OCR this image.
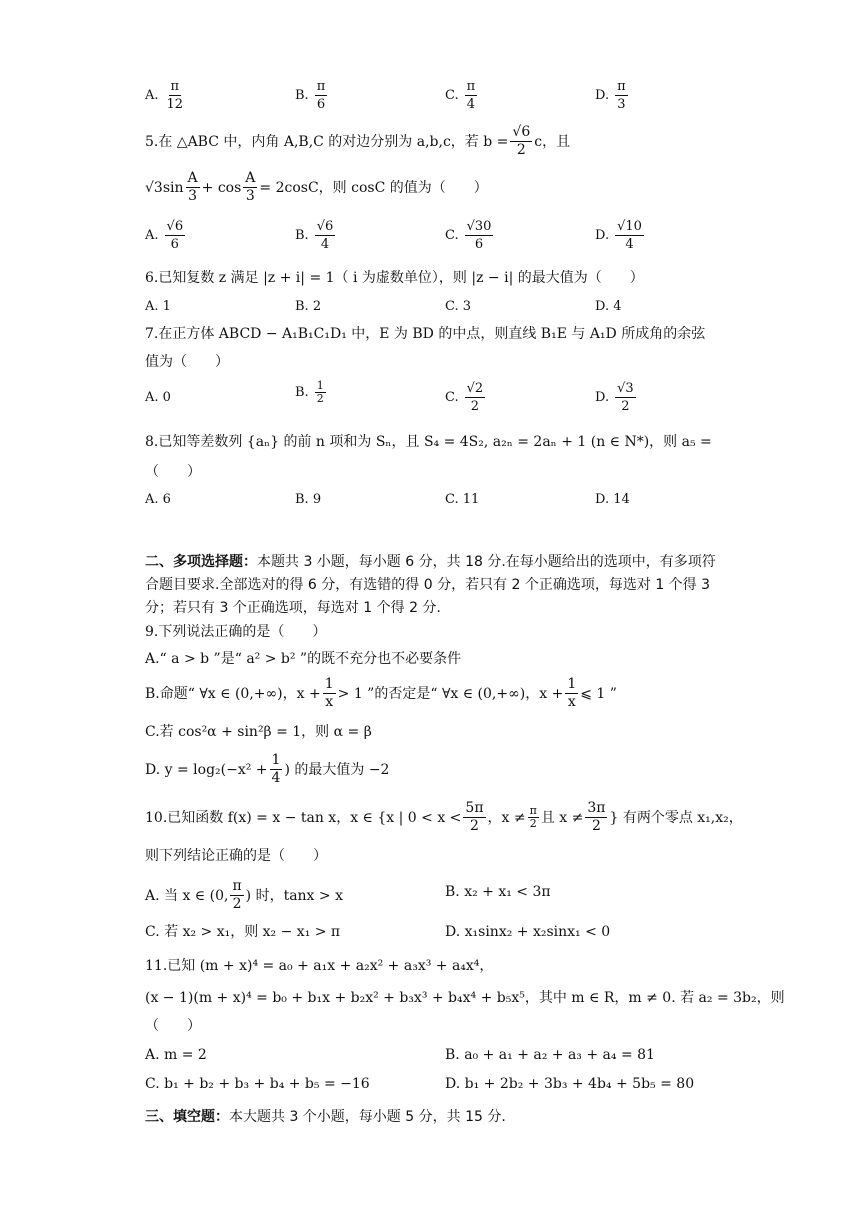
A. $\frac{\pi}{12}$	B. $\frac{\pi}{6}$	C. $\frac{\pi}{4}$	D. $\frac{\pi}{3}$
5.在 △ABC 中，内角 A,B,C 的对边分别为 a,b,c，若 $b = \frac{√6}{2}$ c，且
$√3\sin \frac{A}{3} + \cos \frac{A}{3} = 2\cos C$，则 cosC 的值为（　　）
A. $\frac{√6}{6}$	B. $\frac{√6}{4}$	C. $\frac{√30}{6}$	D. $\frac{√10}{4}$
6.已知复数 z 满足 |z + i| = 1（ i 为虚数单位），则 |z − i| 的最大值为（　　）
A. 1	B. 2	C. 3	D. 4
7.在正方体 ABCD − A₁B₁C₁D₁ 中，E 为 BD 的中点，则直线 B₁E 与 A₁D 所成角的余弦
值为（　　）
A. 0	B. $\frac{1}{2}$	C. $\frac{√2}{2}$	D. $\frac{√3}{2}$
8.已知等差数列 {aₙ} 的前 n 项和为 Sₙ，且 S₄ = 4S₂, a₂ₙ = 2aₙ + 1 (n ∈ N*)，则 a₅ =
（　　）
A. 6	B. 9	C. 11	D. 14
二、多项选择题：本题共 3 小题，每小题 6 分，共 18 分.在每小题给出的选项中，有多项符合题目要求.全部选对的得 6 分，有选错的得 0 分，若只有 2 个正确选项，每选对 1 个得 3 分；若只有 3 个正确选项，每选对 1 个得 2 分.
9.下列说法正确的是（　　）
A.“ a > b ”是“ a² > b² ”的既不充分也不必要条件
B.命题“ ∀x ∈ (0,+∞)，$x + \frac{1}{x} > 1$ ”的否定是“ ∀x ∈ (0,+∞)，$x + \frac{1}{x}$ ⩽ 1 ”
C.若 cos²α + sin²β = 1，则 α = β
D. $y = \log_2(-x^2 + \frac{1}{4}$ ) 的最大值为 −2
10.已知函数 f(x) = x − tan x，x ∈ {x | $0 < x < \frac{5\pi}{2}$ ，$x \ne \frac{\pi}{2}$ 且 $x \ne \frac{3\pi}{2}$ } 有两个零点 x₁,x₂，
则下列结论正确的是（　　）
A. 当 x ∈ (0, $\frac{\pi}{2}$ ) 时，tanx > x	B. x₂ + x₁ < 3π
C. 若 x₂ > x₁，则 x₂ − x₁ > π	D. x₁sinx₂ + x₂sinx₁ < 0
11.已知 (m + x)⁴ = a₀ + a₁x + a₂x² + a₃x³ + a₄x⁴，
(x − 1)(m + x)⁴ = b₀ + b₁x + b₂x² + b₃x³ + b₄x⁴ + b₅x⁵，其中 m ∈ R，m ≠ 0. 若 a₂ = 3b₂，则
（　　）
A. m = 2	B. a₀ + a₁ + a₂ + a₃ + a₄ = 81
C. b₁ + b₂ + b₃ + b₄ + b₅ = −16	D. b₁ + 2b₂ + 3b₃ + 4b₄ + 5b₅ = 80
三、填空题：本大题共 3 个小题，每小题 5 分，共 15 分.
